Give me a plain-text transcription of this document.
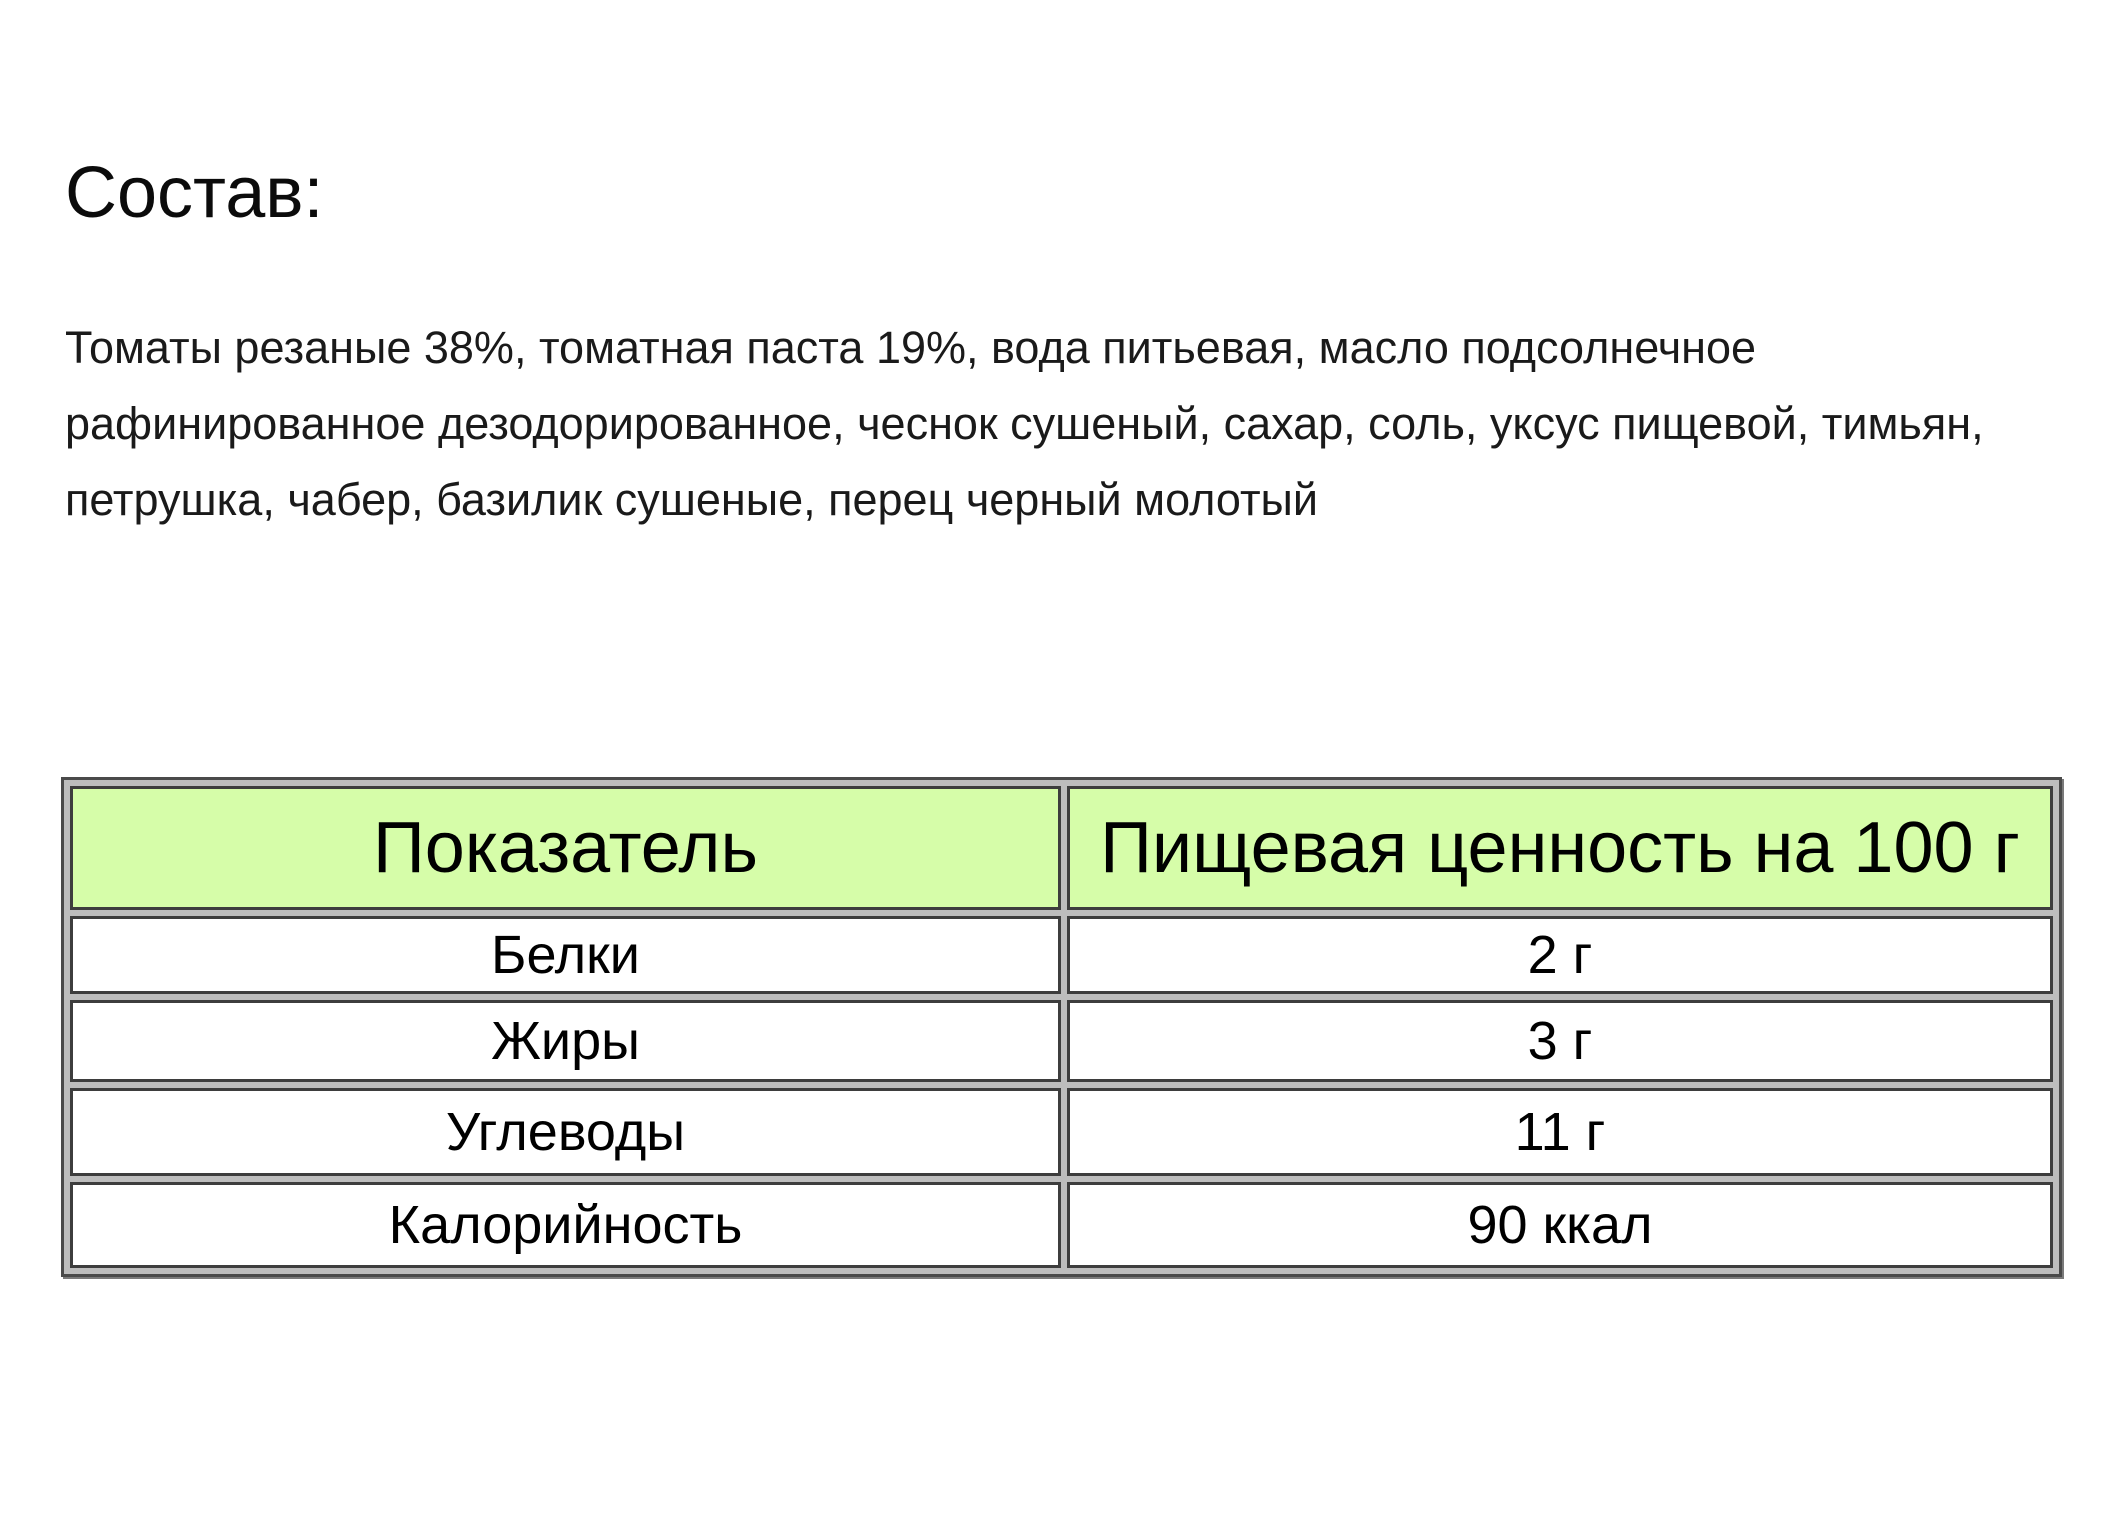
Состав:

Томаты резаные 38%, томатная паста 19%, вода питьевая, масло подсолнечное рафинированное дезодорированное, чеснок сушеный, сахар, соль, уксус пищевой, тимьян, петрушка, чабер, базилик сушеные, перец черный молотый

Показатель	Пищевая ценность на 100 г
Белки	2 г
Жиры	3 г
Углеводы	11 г
Калорийность	90 ккал
